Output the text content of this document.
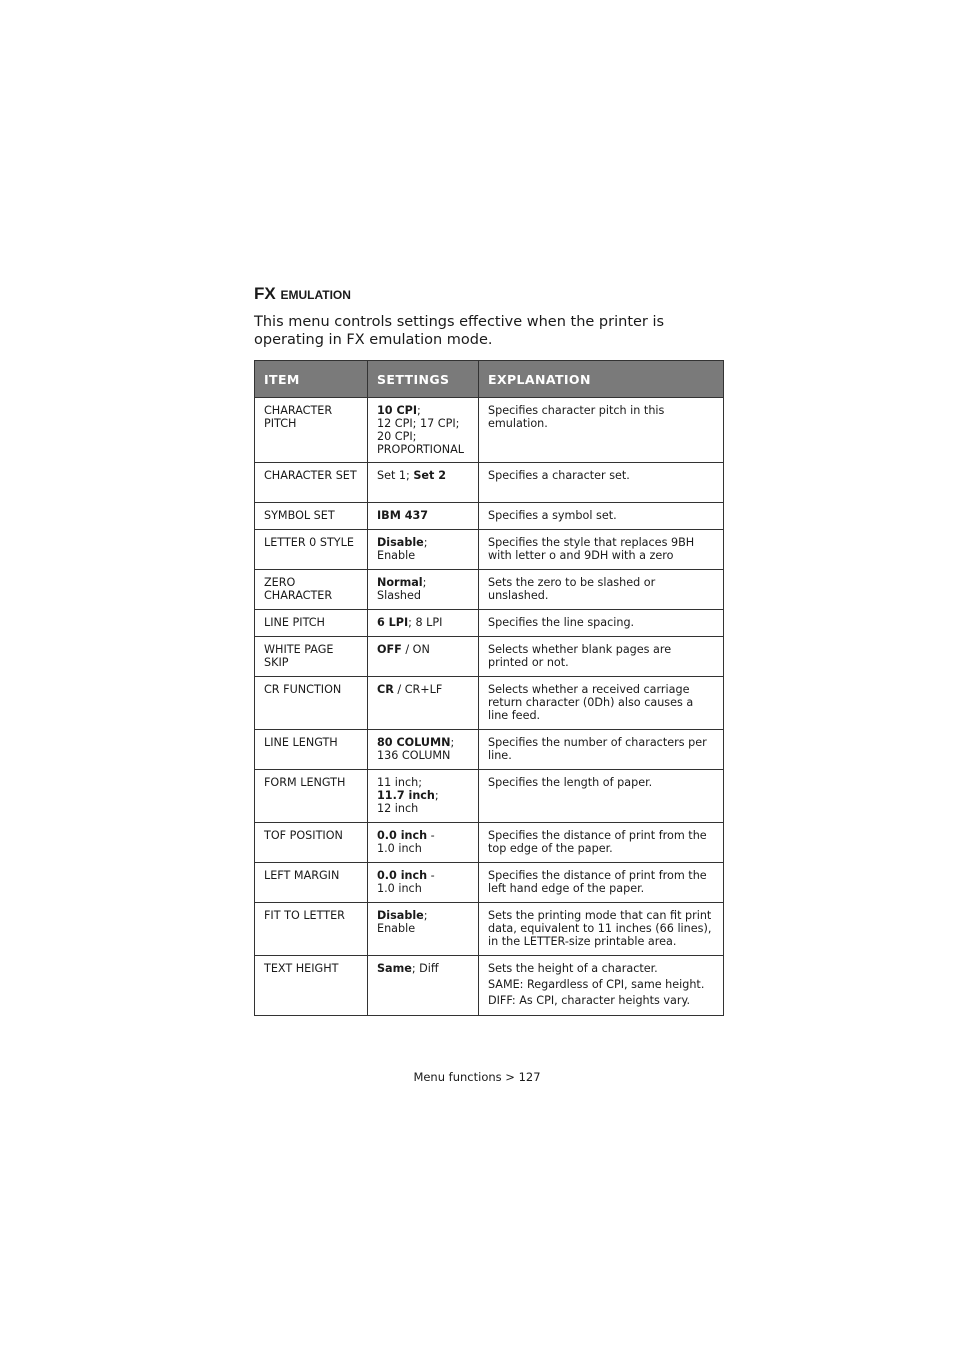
FX EMULATION

This menu controls settings effective when the printer is operating in FX emulation mode.

ITEM	SETTINGS	EXPLANATION
CHARACTER PITCH	10 CPI;
12 CPI; 17 CPI;
20 CPI;
PROPORTIONAL	Specifies character pitch in this emulation.

CHARACTER SET	Set 1; Set 2	Specifies a character set.

SYMBOL SET	IBM 437	Specifies a symbol set.

LETTER 0 STYLE	Disable;
Enable	Specifies the style that replaces 9BH with letter o and 9DH with a zero

ZERO CHARACTER	Normal;
Slashed	Sets the zero to be slashed or unslashed.

LINE PITCH	6 LPI; 8 LPI	Specifies the line spacing.

WHITE PAGE SKIP	OFF / ON	Selects whether blank pages are printed or not.

CR FUNCTION	CR / CR+LF	Selects whether a received carriage return character (0Dh) also causes a line feed.

LINE LENGTH	80 COLUMN;
136 COLUMN	Specifies the number of characters per line.

FORM LENGTH	11 inch;
11.7 inch;
12 inch	Specifies the length of paper.

TOF POSITION	0.0 inch -
1.0 inch	Specifies the distance of print from the top edge of the paper.

LEFT MARGIN	0.0 inch -
1.0 inch	Specifies the distance of print from the left hand edge of the paper.

FIT TO LETTER	Disable;
Enable	Sets the printing mode that can fit print data, equivalent to 11 inches (66 lines), in the LETTER-size printable area.

TEXT HEIGHT	Same; Diff	Sets the height of a character.
SAME: Regardless of CPI, same height.
DIFF: As CPI, character heights vary.
Menu functions > 127
